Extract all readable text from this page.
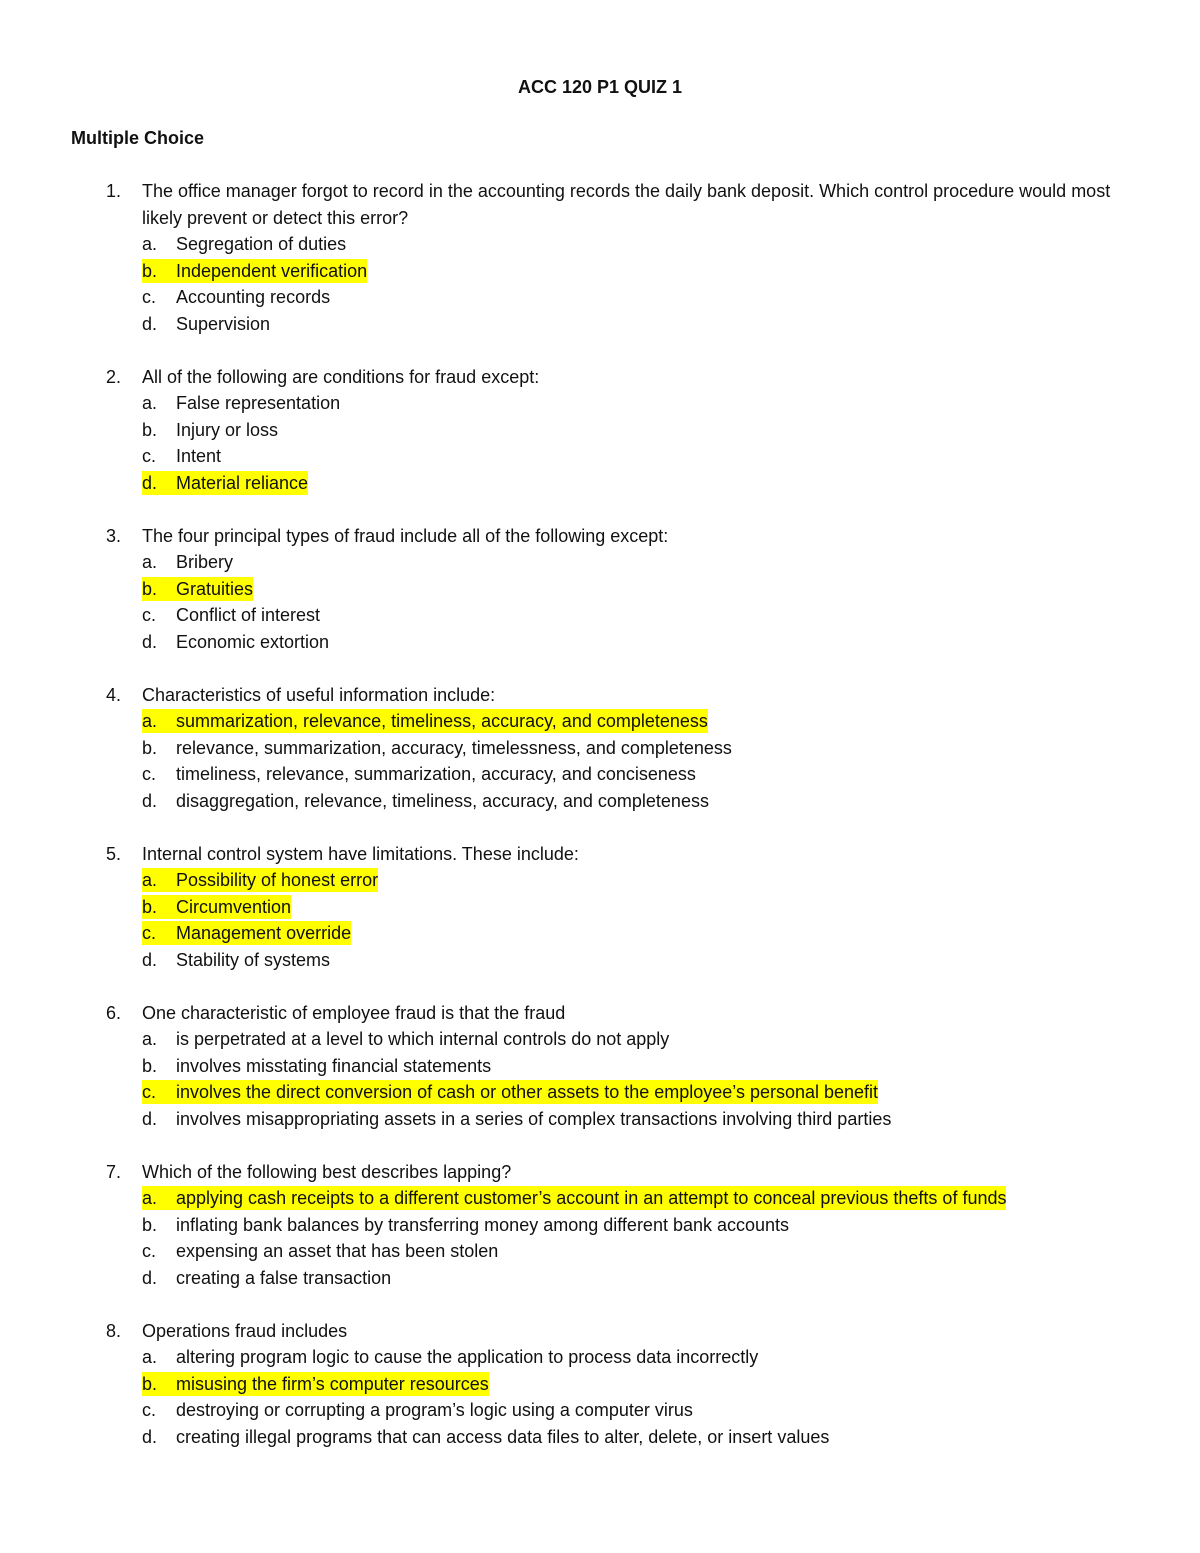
ACC 120 P1 QUIZ 1
Multiple Choice
1. The office manager forgot to record in the accounting records the daily bank deposit. Which control procedure would most likely prevent or detect this error?
a. Segregation of duties
b. Independent verification
c. Accounting records
d. Supervision
2. All of the following are conditions for fraud except:
a. False representation
b. Injury or loss
c. Intent
d. Material reliance
3. The four principal types of fraud include all of the following except:
a. Bribery
b. Gratuities
c. Conflict of interest
d. Economic extortion
4. Characteristics of useful information include:
a. summarization, relevance, timeliness, accuracy, and completeness
b. relevance, summarization, accuracy, timelessness, and completeness
c. timeliness, relevance, summarization, accuracy, and conciseness
d. disaggregation, relevance, timeliness, accuracy, and completeness
5. Internal control system have limitations. These include:
a. Possibility of honest error
b. Circumvention
c. Management override
d. Stability of systems
6. One characteristic of employee fraud is that the fraud
a. is perpetrated at a level to which internal controls do not apply
b. involves misstating financial statements
c. involves the direct conversion of cash or other assets to the employee’s personal benefit
d. involves misappropriating assets in a series of complex transactions involving third parties
7. Which of the following best describes lapping?
a. applying cash receipts to a different customer’s account in an attempt to conceal previous thefts of funds
b. inflating bank balances by transferring money among different bank accounts
c. expensing an asset that has been stolen
d. creating a false transaction
8. Operations fraud includes
a. altering program logic to cause the application to process data incorrectly
b. misusing the firm’s computer resources
c. destroying or corrupting a program’s logic using a computer virus
d. creating illegal programs that can access data files to alter, delete, or insert values
